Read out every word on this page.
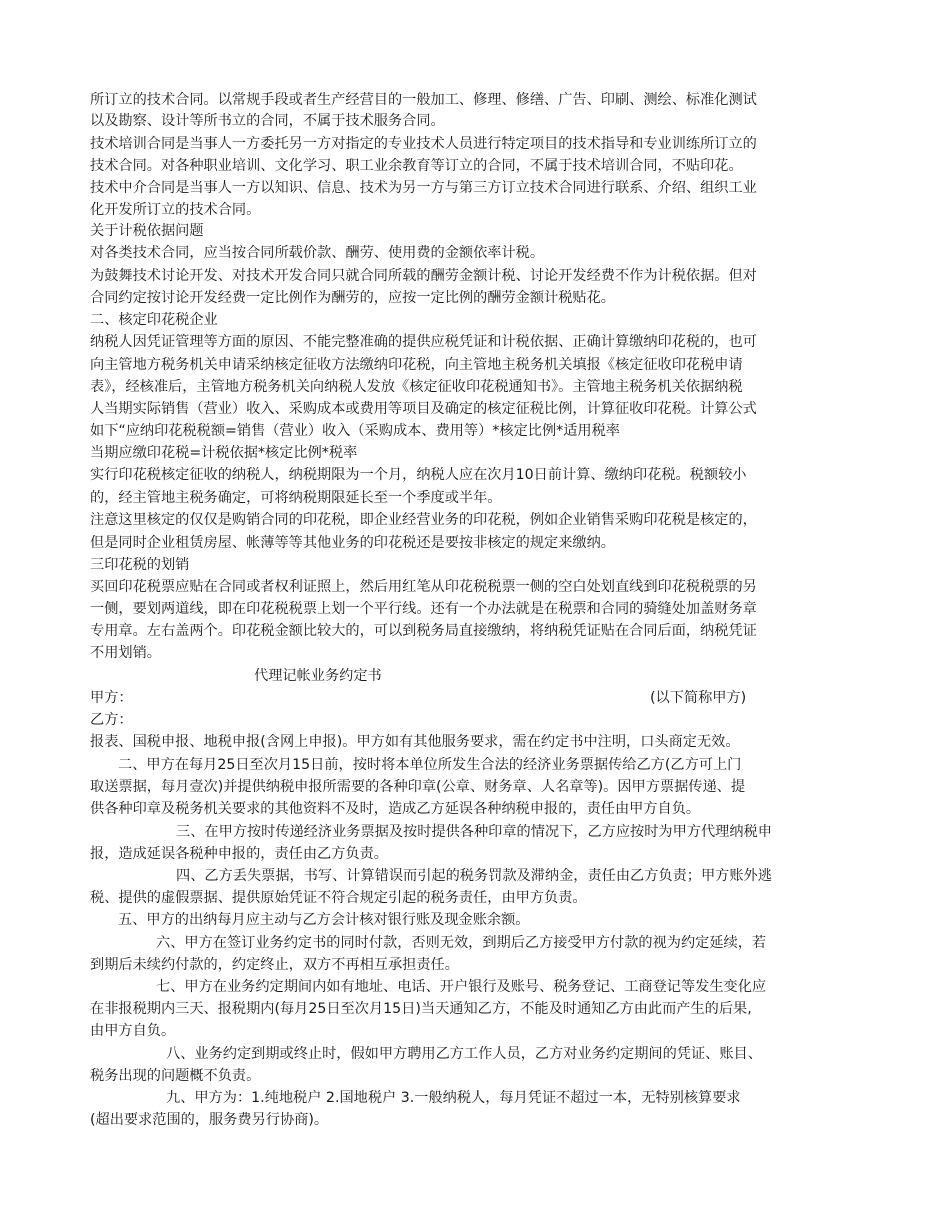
所订立的技术合同。以常规手段或者生产经营目的一般加工、修理、修缮、广告、印刷、测绘、标准化测试
以及勘察、设计等所书立的合同，不属于技术服务合同。
技术培训合同是当事人一方委托另一方对指定的专业技术人员进行特定项目的技术指导和专业训练所订立的
技术合同。对各种职业培训、文化学习、职工业余教育等订立的合同，不属于技术培训合同，不贴印花。
技术中介合同是当事人一方以知识、信息、技术为另一方与第三方订立技术合同进行联系、介绍、组织工业
化开发所订立的技术合同。
关于计税依据问题
对各类技术合同，应当按合同所载价款、酬劳、使用费的金额依率计税。
为鼓舞技术讨论开发、对技术开发合同只就合同所载的酬劳金额计税、讨论开发经费不作为计税依据。但对
合同约定按讨论开发经费一定比例作为酬劳的，应按一定比例的酬劳金额计税贴花。
二、核定印花税企业
纳税人因凭证管理等方面的原因、不能完整准确的提供应税凭证和计税依据、正确计算缴纳印花税的，也可
向主管地方税务机关申请采纳核定征收方法缴纳印花税，向主管地主税务机关填报《核定征收印花税申请
表》，经核准后，主管地方税务机关向纳税人发放《核定征收印花税通知书》。主管地主税务机关依据纳税
人当期实际销售（营业）收入、采购成本或费用等项目及确定的核定征税比例，计算征收印花税。计算公式
如下“应纳印花税税额=销售（营业）收入（采购成本、费用等）*核定比例*适用税率
当期应缴印花税=计税依据*核定比例*税率
实行印花税核定征收的纳税人，纳税期限为一个月，纳税人应在次月10日前计算、缴纳印花税。税额较小
的，经主管地主税务确定，可将纳税期限延长至一个季度或半年。
注意这里核定的仅仅是购销合同的印花税，即企业经营业务的印花税，例如企业销售采购印花税是核定的，
但是同时企业租赁房屋、帐薄等等其他业务的印花税还是要按非核定的规定来缴纳。
三印花税的划销
买回印花税票应贴在合同或者权利证照上，然后用红笔从印花税税票一侧的空白处划直线到印花税税票的另
一侧，要划两道线，即在印花税税票上划一个平行线。还有一个办法就是在税票和合同的骑缝处加盖财务章
专用章。左右盖两个。印花税金额比较大的，可以到税务局直接缴纳，将纳税凭证贴在合同后面，纳税凭证
不用划销。
代理记帐业务约定书
甲方：	(以下简称甲方)
乙方：
报表、国税申报、地税申报(含网上申报)。甲方如有其他服务要求，需在约定书中注明，口头商定无效。
二、甲方在每月25日至次月15日前，按时将本单位所发生合法的经济业务票据传给乙方(乙方可上门
取送票据，每月壹次)并提供纳税申报所需要的各种印章(公章、财务章、人名章等)。因甲方票据传递、提
供各种印章及税务机关要求的其他资料不及时，造成乙方延误各种纳税申报的，责任由甲方自负。
三、在甲方按时传递经济业务票据及按时提供各种印章的情况下，乙方应按时为甲方代理纳税申
报，造成延误各税种申报的，责任由乙方负责。
四、乙方丢失票据，书写、计算错误而引起的税务罚款及滞纳金，责任由乙方负责；甲方账外逃
税、提供的虚假票据、提供原始凭证不符合规定引起的税务责任，由甲方负责。
五、甲方的出纳每月应主动与乙方会计核对银行账及现金账余额。
六、甲方在签订业务约定书的同时付款，否则无效，到期后乙方接受甲方付款的视为约定延续，若
到期后未续约付款的，约定终止，双方不再相互承担责任。
七、甲方在业务约定期间内如有地址、电话、开户银行及账号、税务登记、工商登记等发生变化应
在非报税期内三天、报税期内(每月25日至次月15日)当天通知乙方，不能及时通知乙方由此而产生的后果,
由甲方自负。
八、业务约定到期或终止时，假如甲方聘用乙方工作人员，乙方对业务约定期间的凭证、账目、
税务出现的问题概不负责。
九、甲方为：1.纯地税户 2.国地税户 3.一般纳税人，每月凭证不超过一本，无特别核算要求
(超出要求范围的，服务费另行协商)。
